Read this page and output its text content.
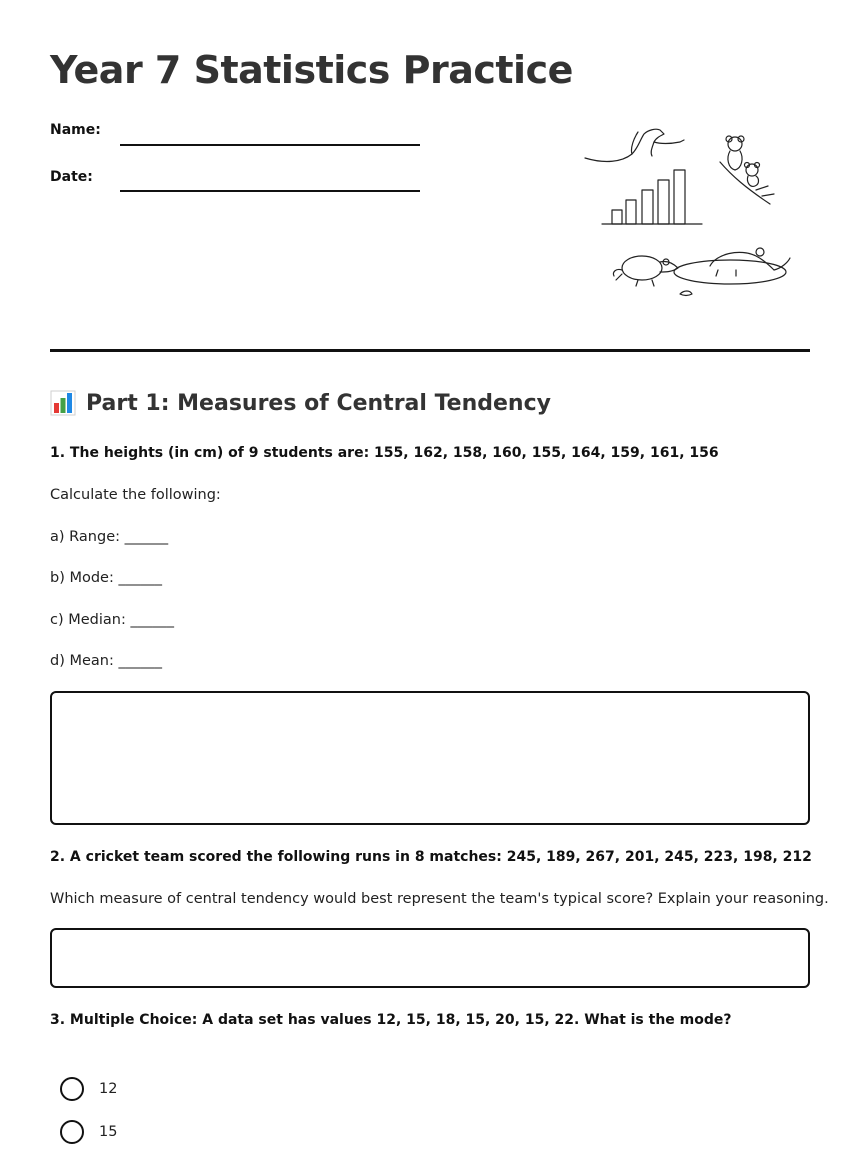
Year 7 Statistics Practice
Name:
Date:
Part 1: Measures of Central Tendency
1. The heights (in cm) of 9 students are: 155, 162, 158, 160, 155, 164, 159, 161, 156
Calculate the following:
a) Range: ______
b) Mode: ______
c) Median: ______
d) Mean: ______
2. A cricket team scored the following runs in 8 matches: 245, 189, 267, 201, 245, 223, 198, 212
Which measure of central tendency would best represent the team's typical score? Explain your reasoning.
3. Multiple Choice: A data set has values 12, 15, 18, 15, 20, 15, 22. What is the mode?
12
15
